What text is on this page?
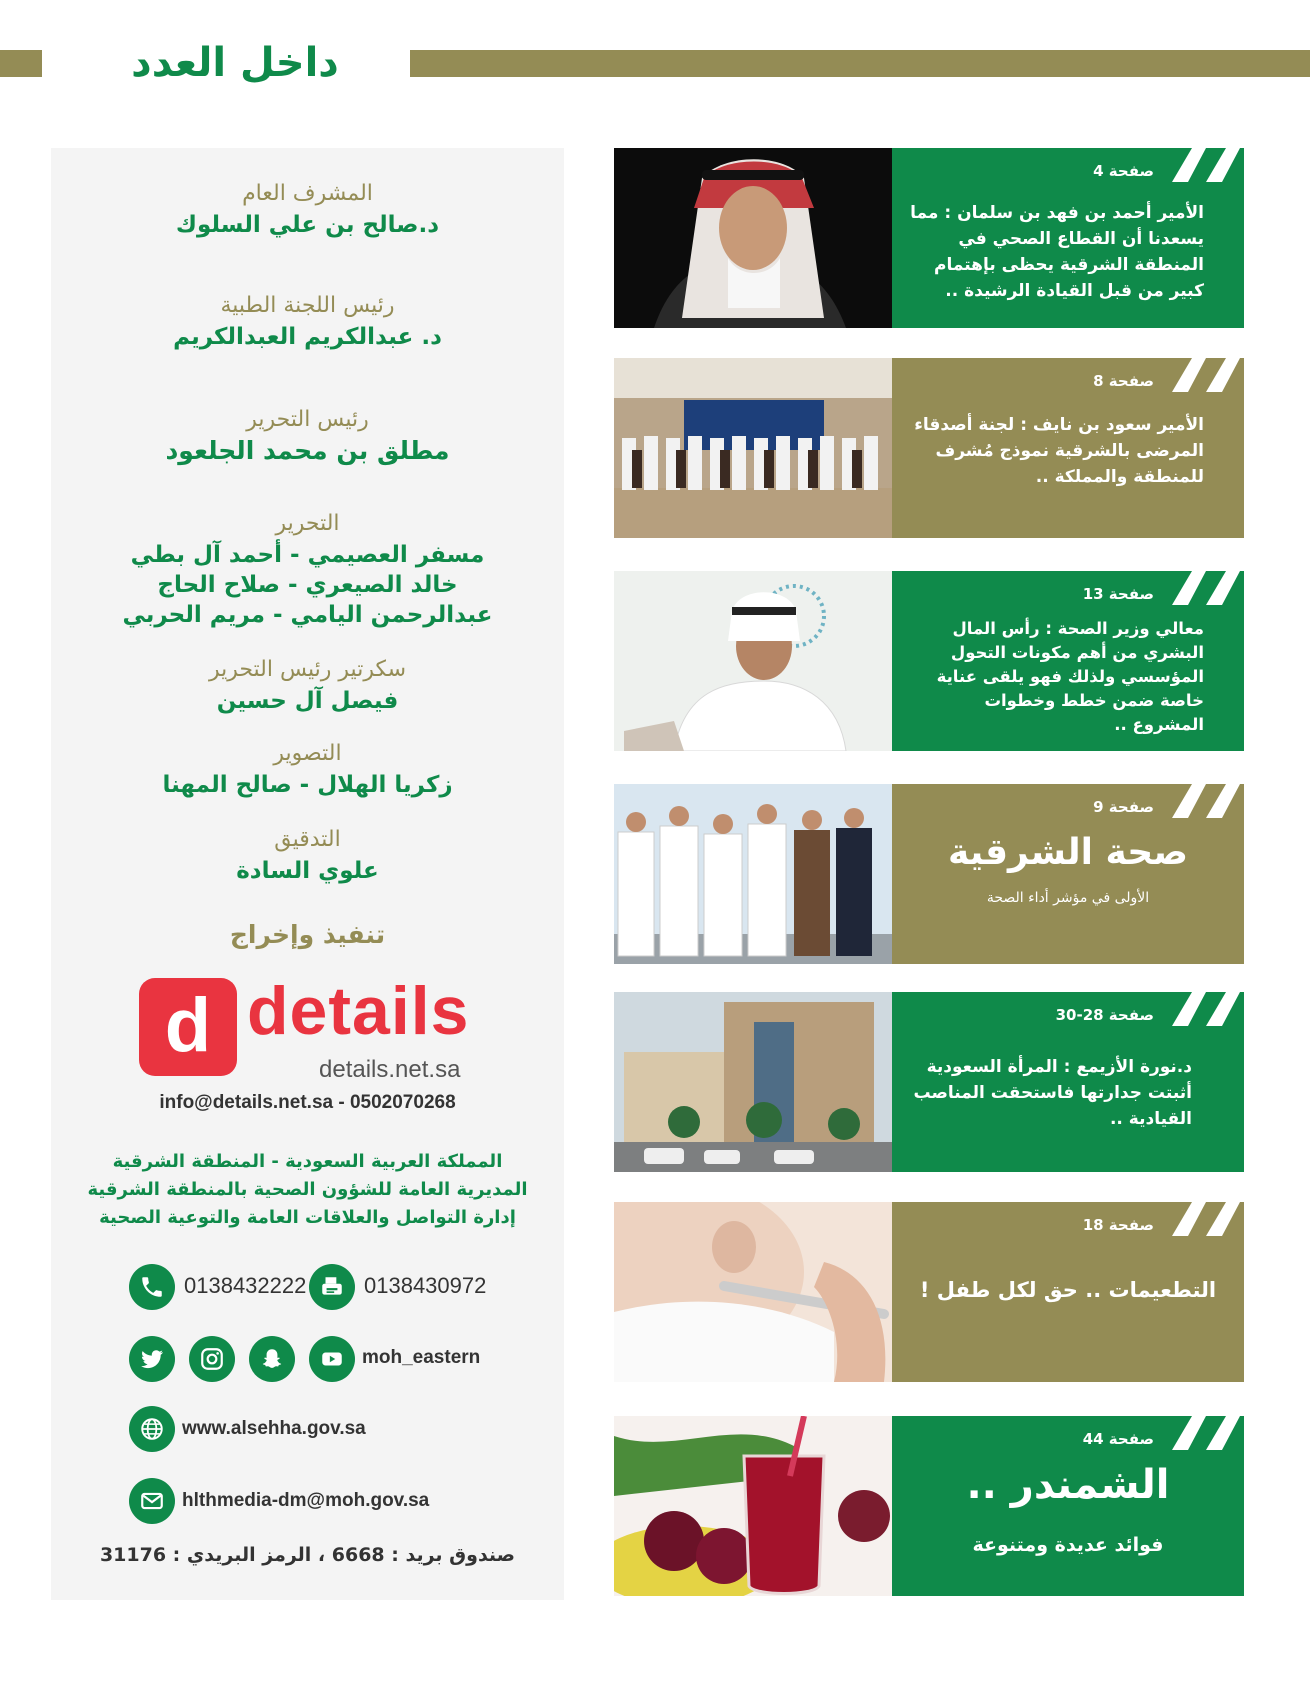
داخل العدد
المشرف العام
د.صالح بن علي السلوك
رئيس اللجنة الطبية
د. عبدالكريم العبدالكريم
رئيس التحرير
مطلق بن محمد الجلعود
التحرير
مسفر العصيمي - أحمد آل بطي
خالد الصيعري - صلاح الحاج
عبدالرحمن اليامي - مريم الحربي
سكرتير رئيس التحرير
فيصل آل حسين
التصوير
زكريا الهلال - صالح المهنا
التدقيق
علوي السادة
تنفيذ وإخراج
d details
details.net.sa
info@details.net.sa - 0502070268
المملكة العربية السعودية - المنطقة الشرقية
المديرية العامة للشؤون الصحية بالمنطقة الشرقية
إدارة التواصل والعلاقات العامة والتوعية الصحية
0138432222	0138430972
moh_eastern
www.alsehha.gov.sa
hlthmedia-dm@moh.gov.sa
صندوق بريد : 6668 ، الرمز البريدي : 31176
صفحة 4
الأمير أحمد بن فهد بن سلمان : مما يسعدنا أن القطاع الصحي في المنطقة الشرقية يحظى بإهتمام كبير من قبل القيادة الرشيدة ..
صفحة 8
الأمير سعود بن نايف : لجنة أصدقاء المرضى بالشرقية نموذج مُشرف للمنطقة والمملكة ..
صفحة 13
معالي وزير الصحة : رأس المال البشري من أهم مكونات التحول المؤسسي ولذلك فهو يلقى عناية خاصة ضمن خطط وخطوات المشروع ..
صفحة 9
صحة الشرقية
الأولى في مؤشر أداء الصحة
صفحة 28-30
د.نورة الأزيمع : المرأة السعودية أثبتت جدارتها فاستحقت المناصب القيادية ..
صفحة 18
التطعيمات .. حق لكل طفل !
صفحة 44
الشمندر ..
فوائد عديدة ومتنوعة
